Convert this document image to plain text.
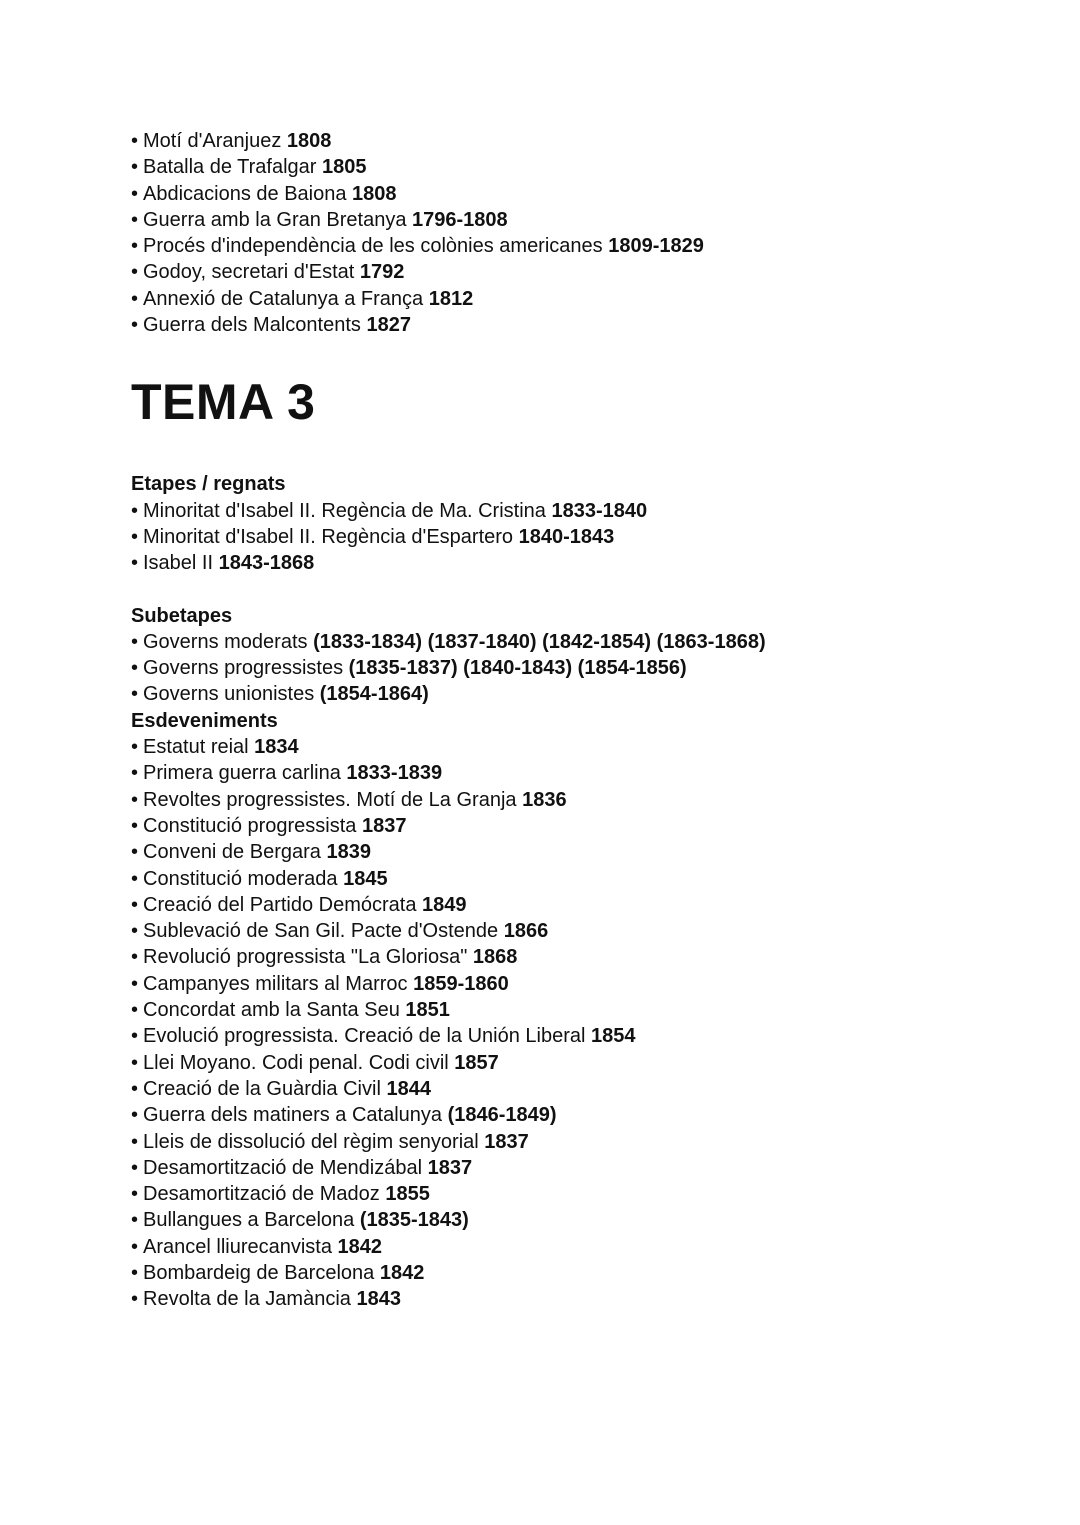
• Motí d'Aranjuez 1808
• Batalla de Trafalgar 1805
• Abdicacions de Baiona 1808
• Guerra amb la Gran Bretanya 1796-1808
• Procés d'independència de les colònies americanes 1809-1829
• Godoy, secretari d'Estat 1792
• Annexió de Catalunya a França 1812
• Guerra dels Malcontents 1827
TEMA 3
Etapes / regnats
• Minoritat d'Isabel II. Regència de Ma. Cristina 1833-1840
• Minoritat d'Isabel II. Regència d'Espartero 1840-1843
• Isabel II 1843-1868
Subetapes
• Governs moderats (1833-1834) (1837-1840) (1842-1854) (1863-1868)
• Governs progressistes (1835-1837) (1840-1843) (1854-1856)
• Governs unionistes (1854-1864)
Esdeveniments
• Estatut reial 1834
• Primera guerra carlina 1833-1839
• Revoltes progressistes. Motí de La Granja 1836
• Constitució progressista 1837
• Conveni de Bergara 1839
• Constitució moderada 1845
• Creació del Partido Demócrata 1849
• Sublevació de San Gil. Pacte d'Ostende 1866
• Revolució progressista "La Gloriosa" 1868
• Campanyes militars al Marroc 1859-1860
• Concordat amb la Santa Seu 1851
• Evolució progressista. Creació de la Unión Liberal 1854
• Llei Moyano. Codi penal. Codi civil 1857
• Creació de la Guàrdia Civil 1844
• Guerra dels matiners a Catalunya (1846-1849)
• Lleis de dissolució del règim senyorial 1837
• Desamortització de Mendizábal 1837
• Desamortització de Madoz 1855
• Bullangues a Barcelona (1835-1843)
• Arancel lliurecanvista 1842
• Bombardeig de Barcelona 1842
• Revolta de la Jamància 1843
